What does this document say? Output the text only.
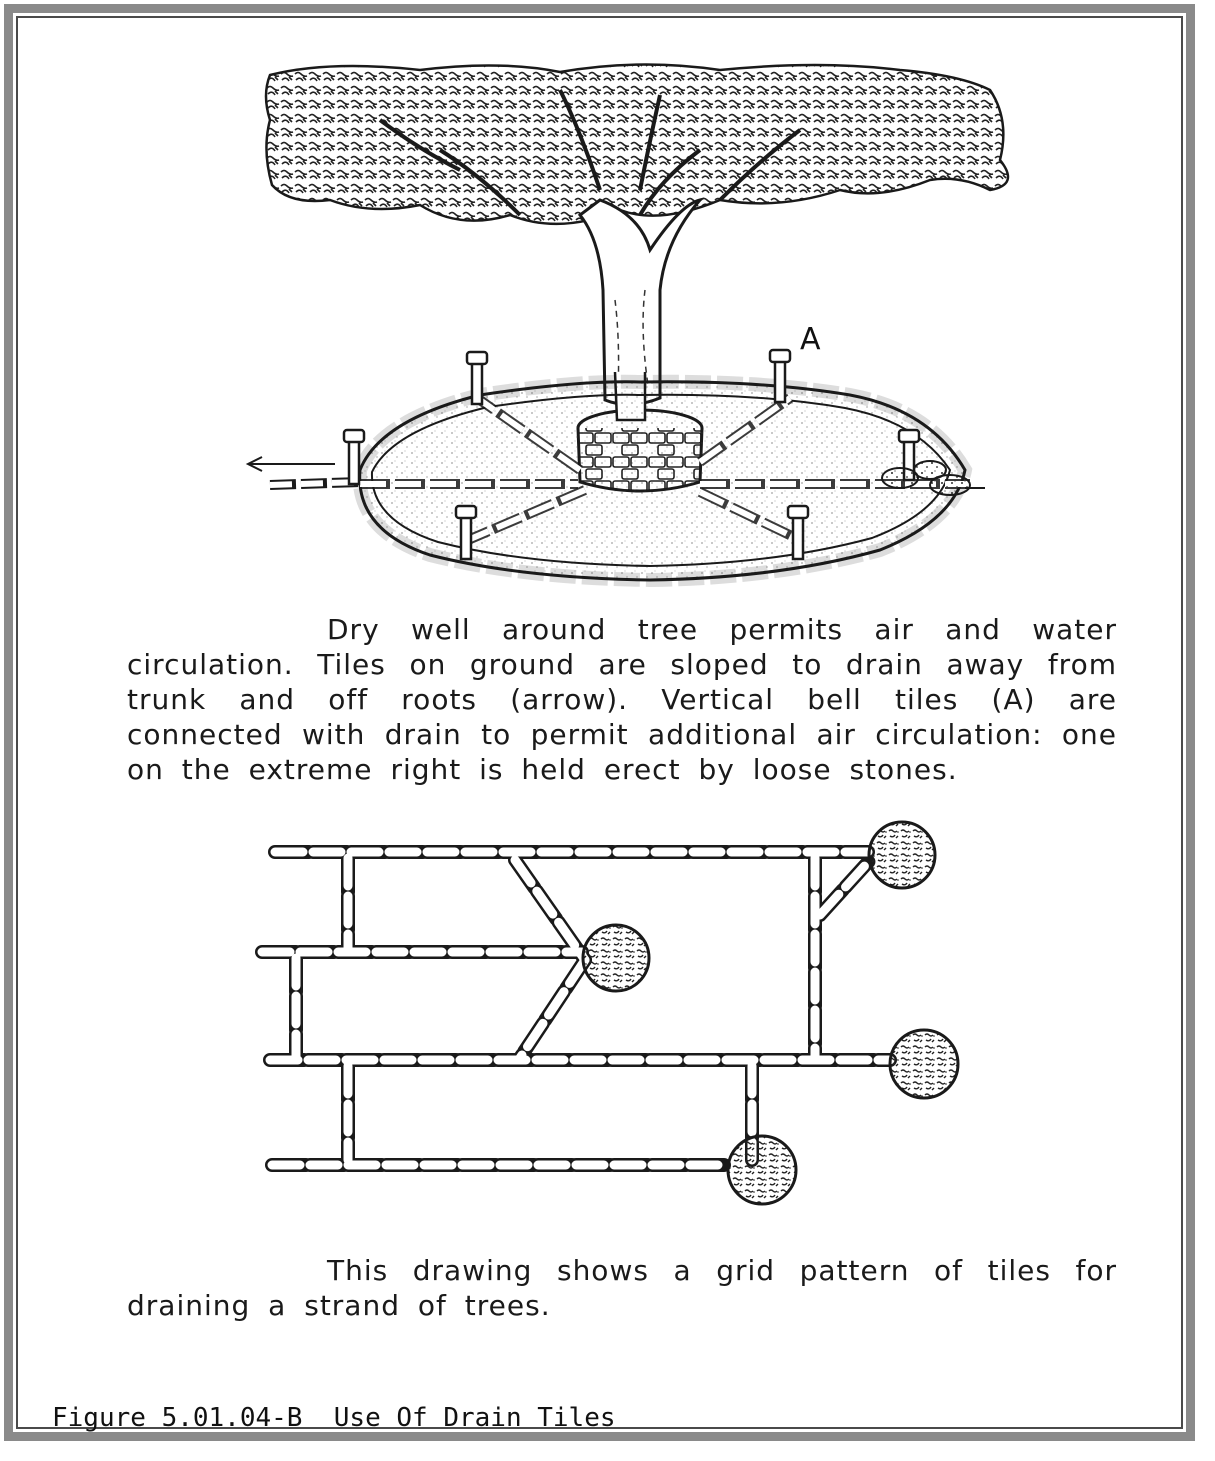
A

Dry well around tree permits air and water circulation. Tiles on ground are sloped to drain away from trunk and off roots (arrow). Vertical bell tiles (A) are connected with drain to permit additional air circulation: one on the extreme right is held erect by loose stones.

This drawing shows a grid pattern of tiles for draining a strand of trees.

Figure 5.01.04-B  Use Of Drain Tiles
